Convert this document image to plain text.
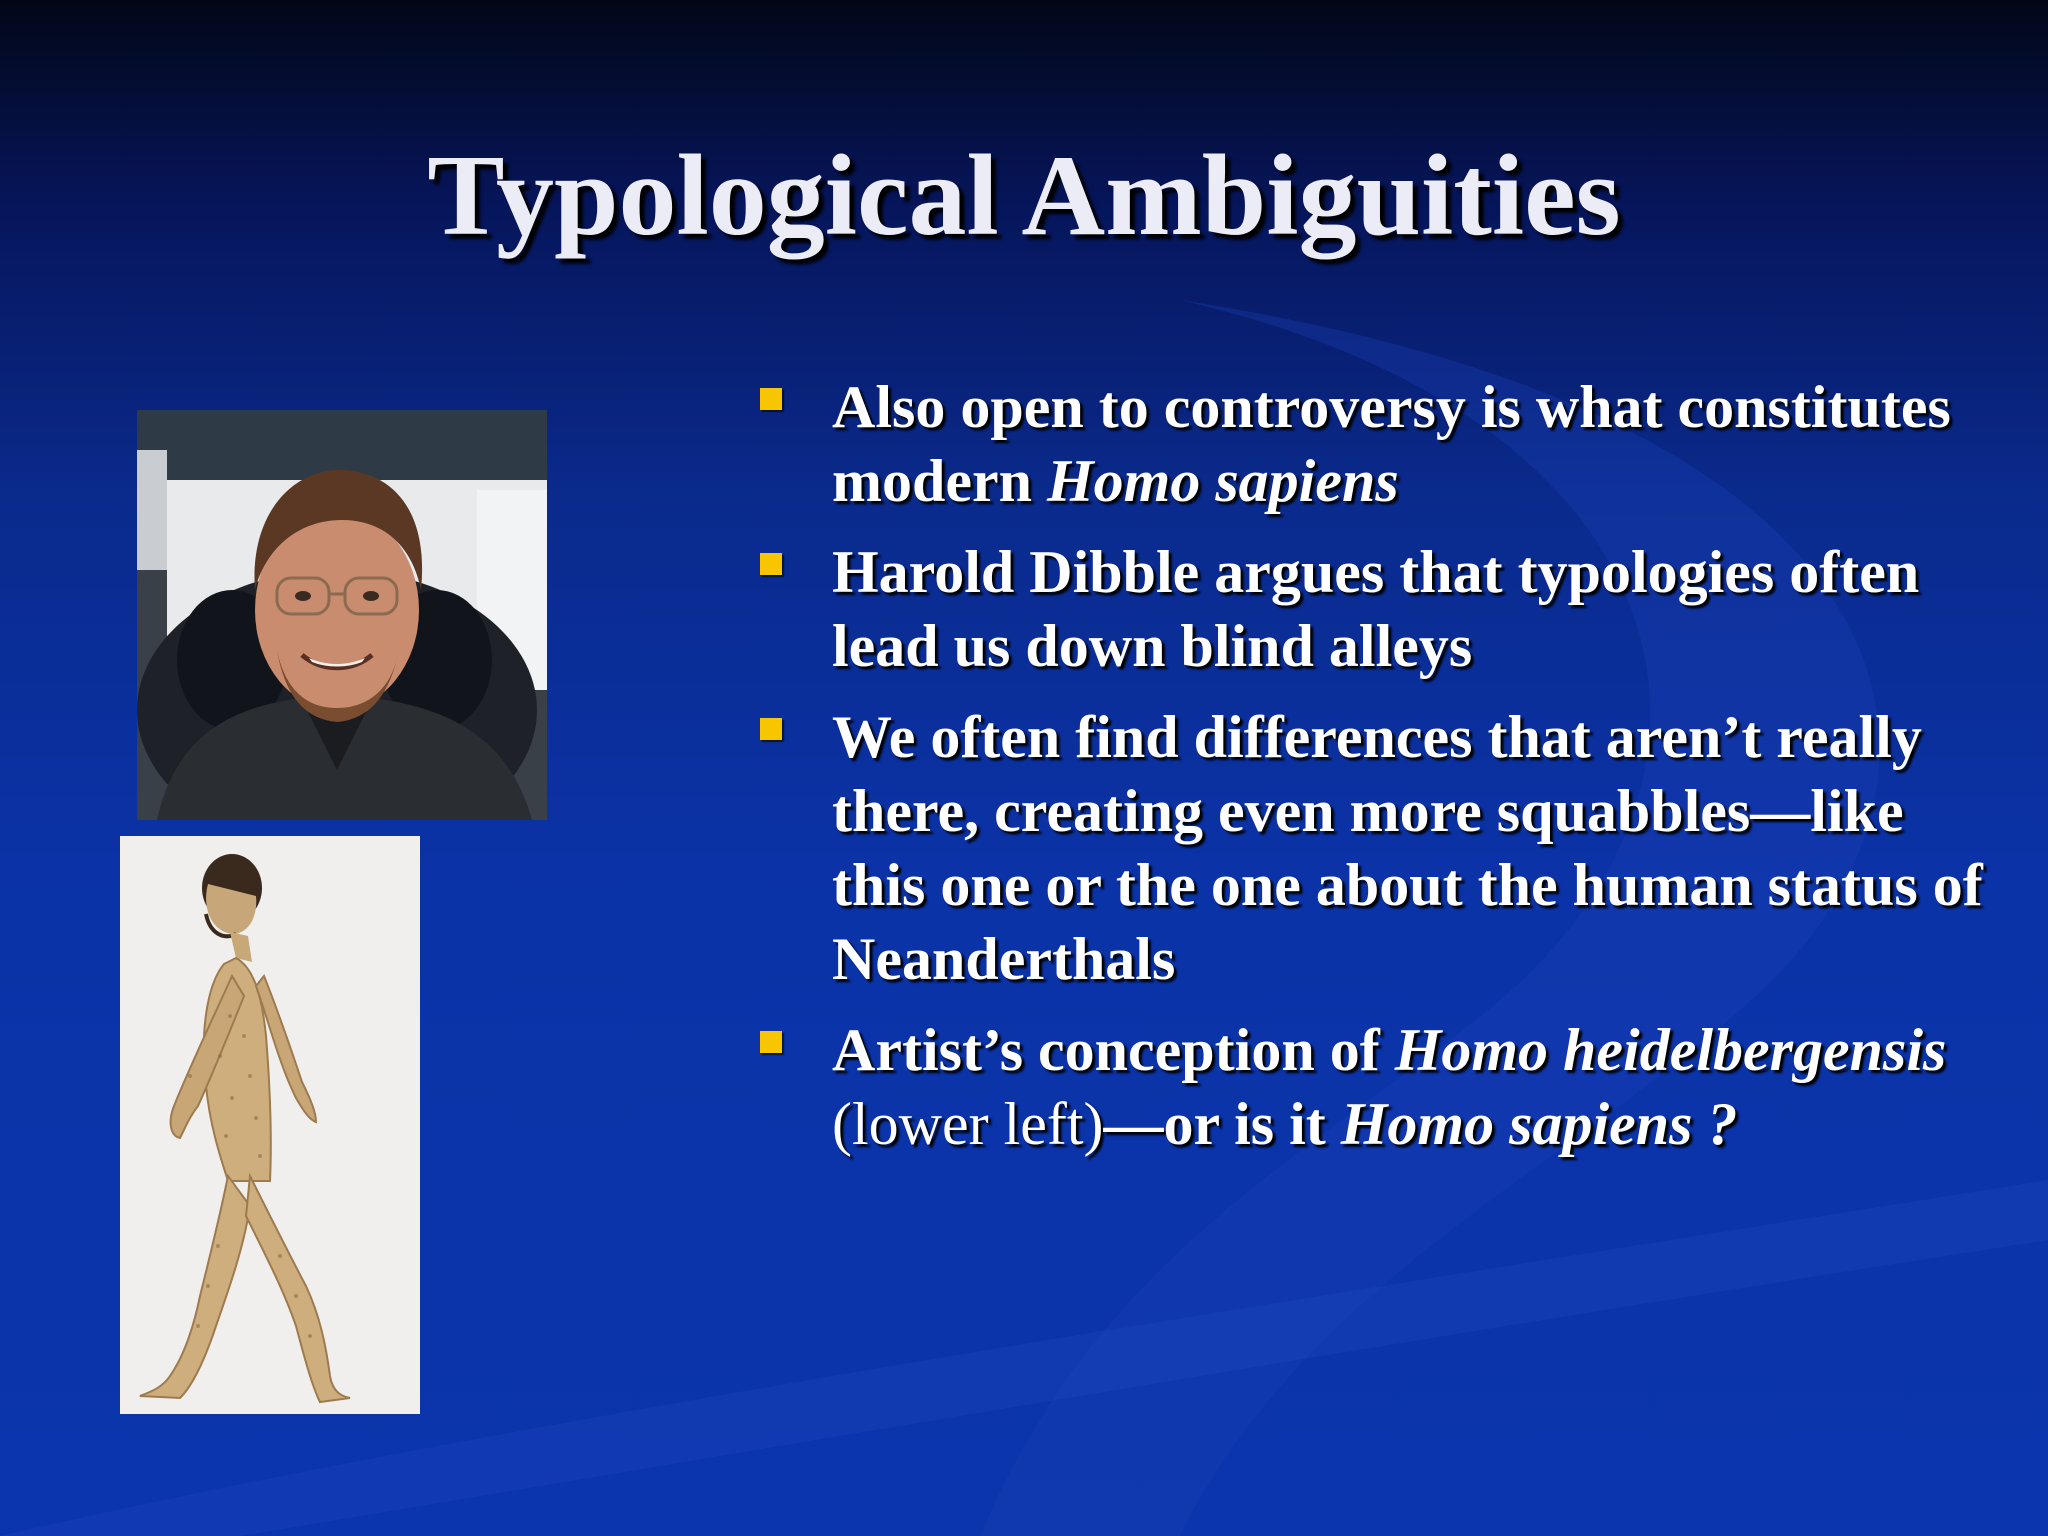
Typological Ambiguities
Also open to controversy is what constitutes modern Homo sapiens
Harold Dibble argues that typologies often lead us down blind alleys
We often find differences that aren’t really there, creating even more squabbles—like this one or the one about the human status of Neanderthals
Artist’s conception of Homo heidelbergensis (lower left)—or is it Homo sapiens ?
